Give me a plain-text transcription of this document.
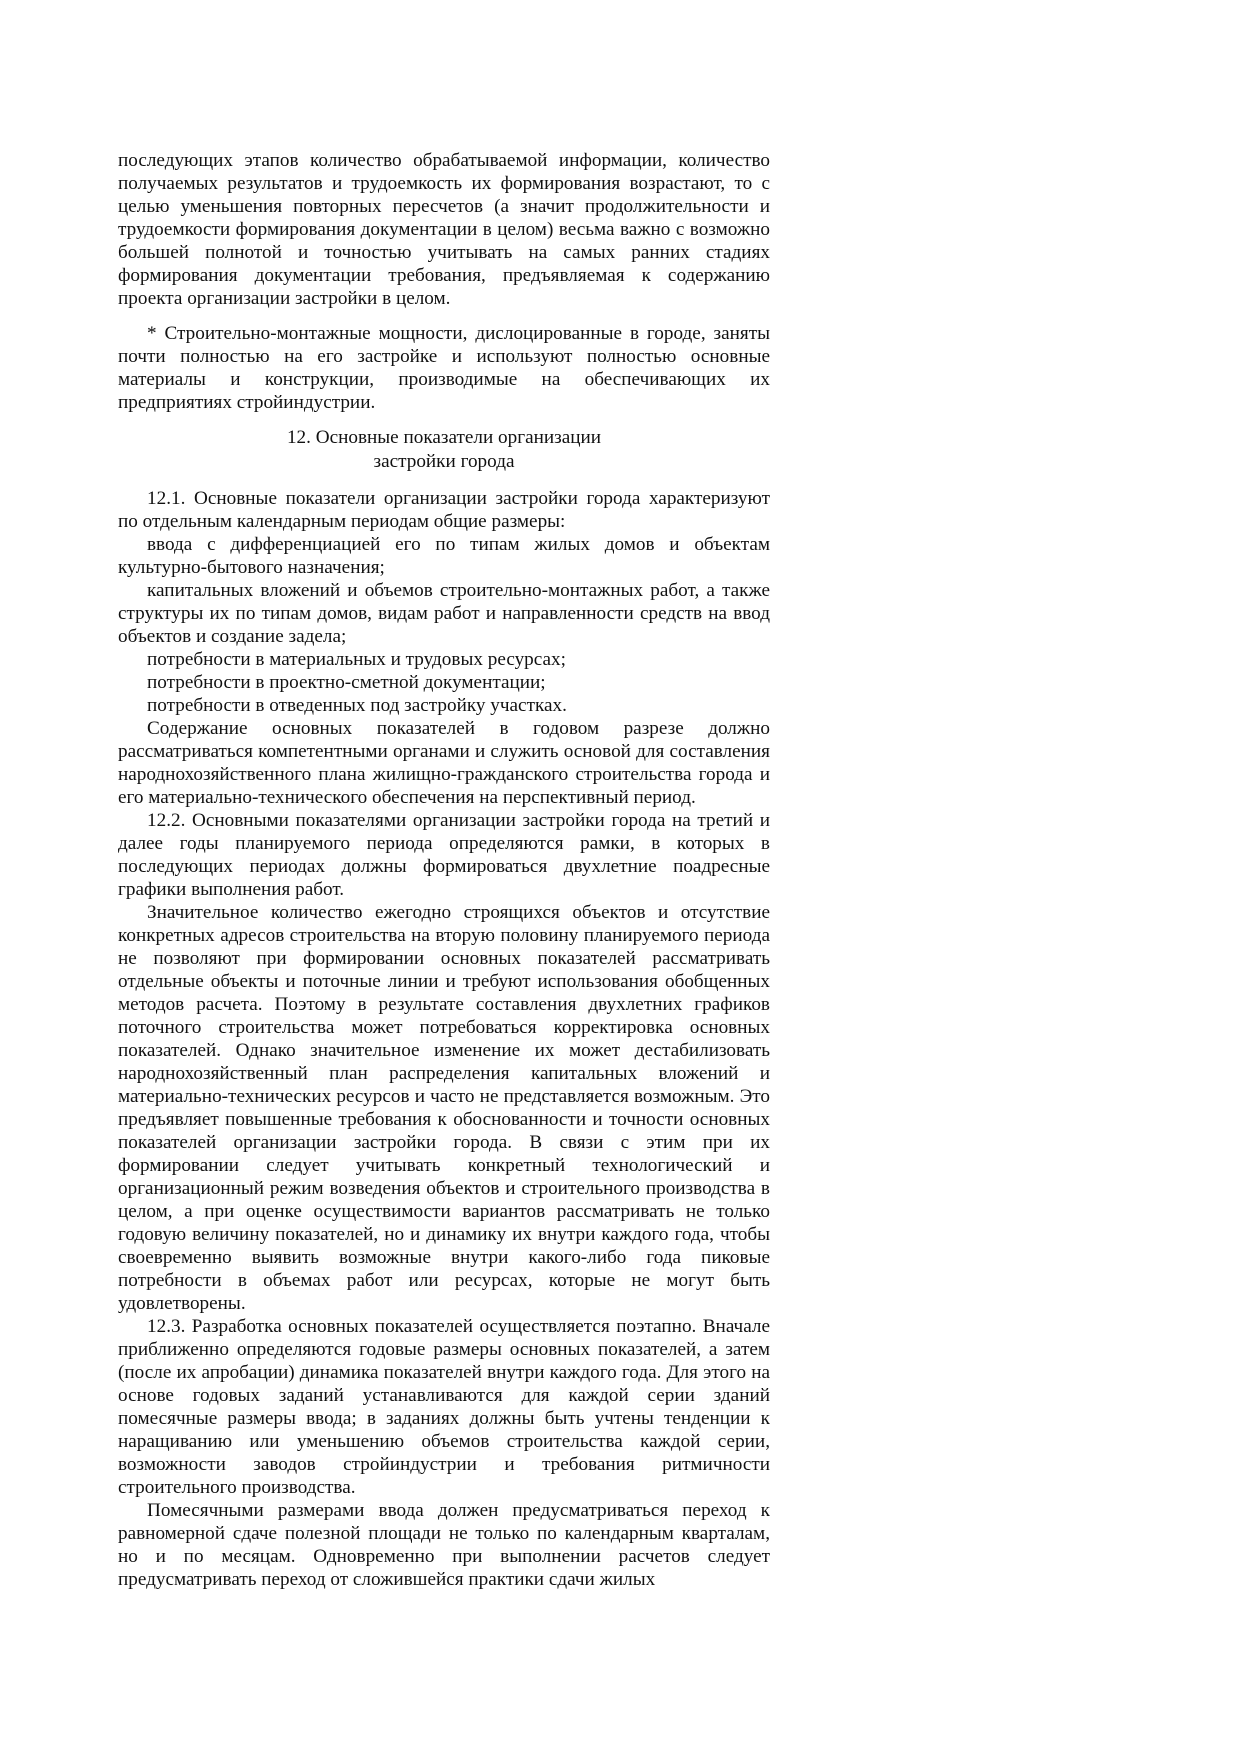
последующих этапов количество обрабатываемой информации, количество получаемых результатов и трудоемкость их формирования возрастают, то с целью уменьшения повторных пересчетов (а значит продолжительности и трудоемкости формирования документации в целом) весьма важно с возможно большей полнотой и точностью учитывать на самых ранних стадиях формирования документации требования, предъявляемая к содержанию проекта организации застройки в целом.

* Строительно-монтажные мощности, дислоцированные в городе, заняты почти полностью на его застройке и используют полностью основные материалы и конструкции, производимые на обеспечивающих их предприятиях стройиндустрии.

12. Основные показатели организации
застройки города

12.1. Основные показатели организации застройки города характеризуют по отдельным календарным периодам общие размеры:

ввода с дифференциацией его по типам жилых домов и объектам культурно-бытового назначения;

капитальных вложений и объемов строительно-монтажных работ, а также структуры их по типам домов, видам работ и направленности средств на ввод объектов и создание задела;

потребности в материальных и трудовых ресурсах;

потребности в проектно-сметной документации;

потребности в отведенных под застройку участках.

Содержание основных показателей в годовом разрезе должно рассматриваться компетентными органами и служить основой для составления народнохозяйственного плана жилищно-гражданского строительства города и его материально-технического обеспечения на перспективный период.

12.2. Основными показателями организации застройки города на третий и далее годы планируемого периода определяются рамки, в которых в последующих периодах должны формироваться двухлетние поадресные графики выполнения работ.

Значительное количество ежегодно строящихся объектов и отсутствие конкретных адресов строительства на вторую половину планируемого периода не позволяют при формировании основных показателей рассматривать отдельные объекты и поточные линии и требуют использования обобщенных методов расчета. Поэтому в результате составления двухлетних графиков поточного строительства может потребоваться корректировка основных показателей. Однако значительное изменение их может дестабилизовать народнохозяйственный план распределения капитальных вложений и материально-технических ресурсов и часто не представляется возможным. Это предъявляет повышенные требования к обоснованности и точности основных показателей организации застройки города. В связи с этим при их формировании следует учитывать конкретный технологический и организационный режим возведения объектов и строительного производства в целом, а при оценке осуществимости вариантов рассматривать не только годовую величину показателей, но и динамику их внутри каждого года, чтобы своевременно выявить возможные внутри какого-либо года пиковые потребности в объемах работ или ресурсах, которые не могут быть удовлетворены.

12.3. Разработка основных показателей осуществляется поэтапно. Вначале приближенно определяются годовые размеры основных показателей, а затем (после их апробации) динамика показателей внутри каждого года. Для этого на основе годовых заданий устанавливаются для каждой серии зданий помесячные размеры ввода; в заданиях должны быть учтены тенденции к наращиванию или уменьшению объемов строительства каждой серии, возможности заводов стройиндустрии и требования ритмичности строительного производства.

Помесячными размерами ввода должен предусматриваться переход к равномерной сдаче полезной площади не только по календарным кварталам, но и по месяцам. Одновременно при выполнении расчетов следует предусматривать переход от сложившейся практики сдачи жилых
